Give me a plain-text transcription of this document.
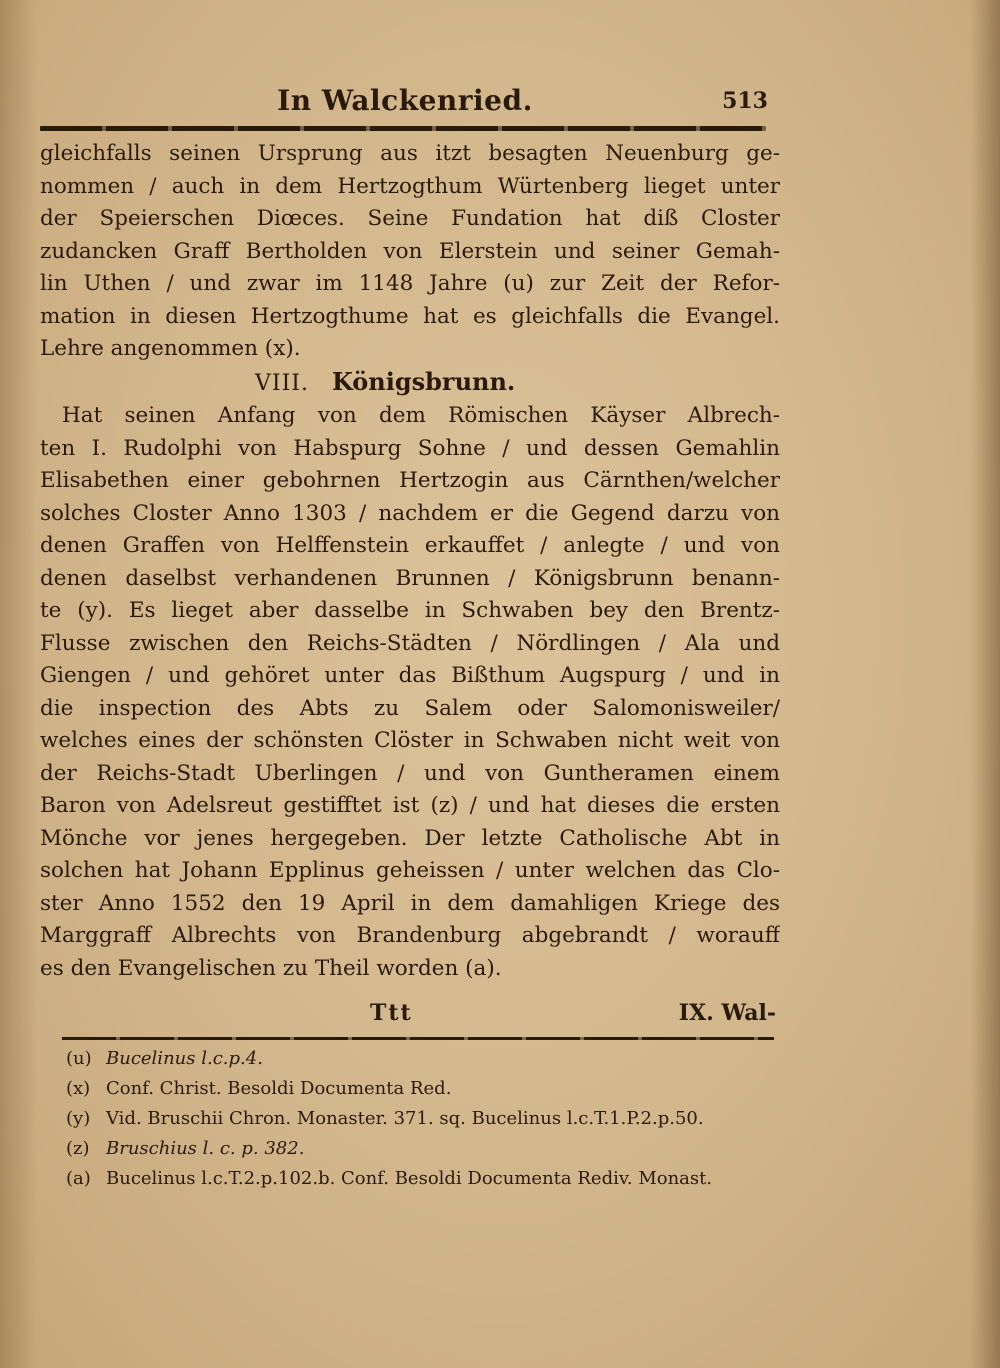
In Walckenried.	513
gleichfalls seinen Ursprung aus itzt besagten Neuenburg ge-
nommen / auch in dem Hertzogthum Würtenberg lieget unter
der Speierschen Diœces. Seine Fundation hat diß Closter
zudancken Graff Bertholden von Elerstein und seiner Gemah-
lin Uthen / und zwar im 1148 Jahre (u) zur Zeit der Refor-
mation in diesen Hertzogthume hat es gleichfalls die Evangel.
Lehre angenommen (x).
VIII. Königsbrunn.
Hat seinen Anfang von dem Römischen Käyser Albrech-
ten I. Rudolphi von Habspurg Sohne / und dessen Gemahlin
Elisabethen einer gebohrnen Hertzogin aus Cärnthen/welcher
solches Closter Anno 1303 / nachdem er die Gegend darzu von
denen Graffen von Helffenstein erkauffet / anlegte / und von
denen daselbst verhandenen Brunnen / Königsbrunn benann-
te (y). Es lieget aber dasselbe in Schwaben bey den Brentz-
Flusse zwischen den Reichs-Städten / Nördlingen / Ala und
Giengen / und gehöret unter das Bißthum Augspurg / und in
die inspection des Abts zu Salem oder Salomonisweiler/
welches eines der schönsten Clöster in Schwaben nicht weit von
der Reichs-Stadt Uberlingen / und von Guntheramen einem
Baron von Adelsreut gestifftet ist (z) / und hat dieses die ersten
Mönche vor jenes hergegeben. Der letzte Catholische Abt in
solchen hat Johann Epplinus geheissen / unter welchen das Clo-
ster Anno 1552 den 19 April in dem damahligen Kriege des
Marggraff Albrechts von Brandenburg abgebrandt / worauff
es den Evangelischen zu Theil worden (a).
Ttt	IX. Wal-
(u) Bucelinus l.c.p.4.
(x) Conf. Christ. Besoldi Documenta Red.
(y) Vid. Bruschii Chron. Monaster. 371. sq. Bucelinus l.c.T.1.P.2.p.50.
(z) Bruschius l. c. p. 382.
(a) Bucelinus l.c.T.2.p.102.b. Conf. Besoldi Documenta Rediv. Monast.
